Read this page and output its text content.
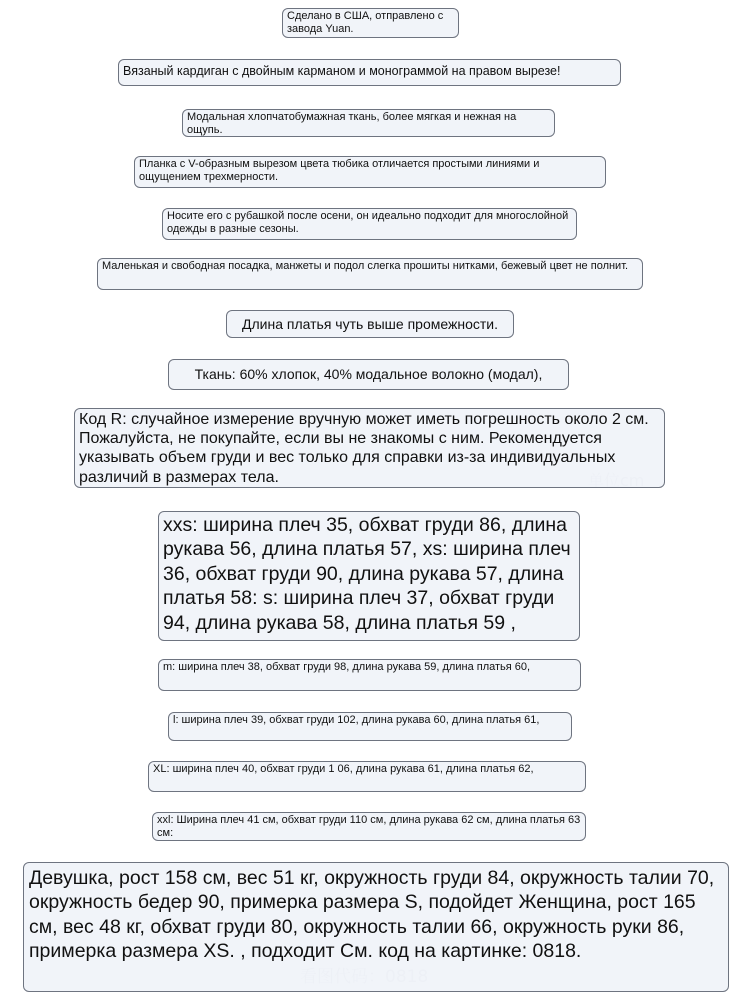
Сделано в США, отправлено с завода Yuan.
Вязаный кардиган с двойным карманом и монограммой на правом вырезе!
Модальная хлопчатобумажная ткань, более мягкая и нежная на ощупь.
Планка с V-образным вырезом цвета тюбика отличается простыми линиями и ощущением трехмерности.
Носите его с рубашкой после осени, он идеально подходит для многослойной одежды в разные сезоны.
Маленькая и свободная посадка, манжеты и подол слегка прошиты нитками, бежевый цвет не полнит.
Длина платья чуть выше промежности.
Ткань: 60% хлопок, 40% модальное волокно (модал),
Код R: случайное измерение вручную может иметь погрешность около 2 см. Пожалуйста, не покупайте, если вы не знакомы с ним. Рекомендуется указывать объем груди и вес только для справки из-за индивидуальных различий в размерах тела.
xxs: ширина плеч 35, обхват груди 86, длина рукава 56, длина платья 57, xs: ширина плеч 36, обхват груди 90, длина рукава 57, длина платья 58: s: ширина плеч 37, обхват груди 94, длина рукава 58, длина платья 59 ,
m: ширина плеч 38, обхват груди 98, длина рукава 59, длина платья 60,
l: ширина плеч 39, обхват груди 102, длина рукава 60, длина платья 61,
XL: ширина плеч 40, обхват груди 1 06, длина рукава 61, длина платья 62,
xxl: Ширина плеч 41 см, обхват груди 110 см, длина рукава 62 см, длина платья 63 см:
Девушка, рост 158 см, вес 51 кг, окружность груди 84, окружность талии 70, окружность бедер 90, примерка размера S, подойдет Женщина, рост 165 см, вес 48 кг, обхват груди 80, окружность талии 66, окружность руки 86, примерка размера XS. , подходит См. код на картинке: 0818.
